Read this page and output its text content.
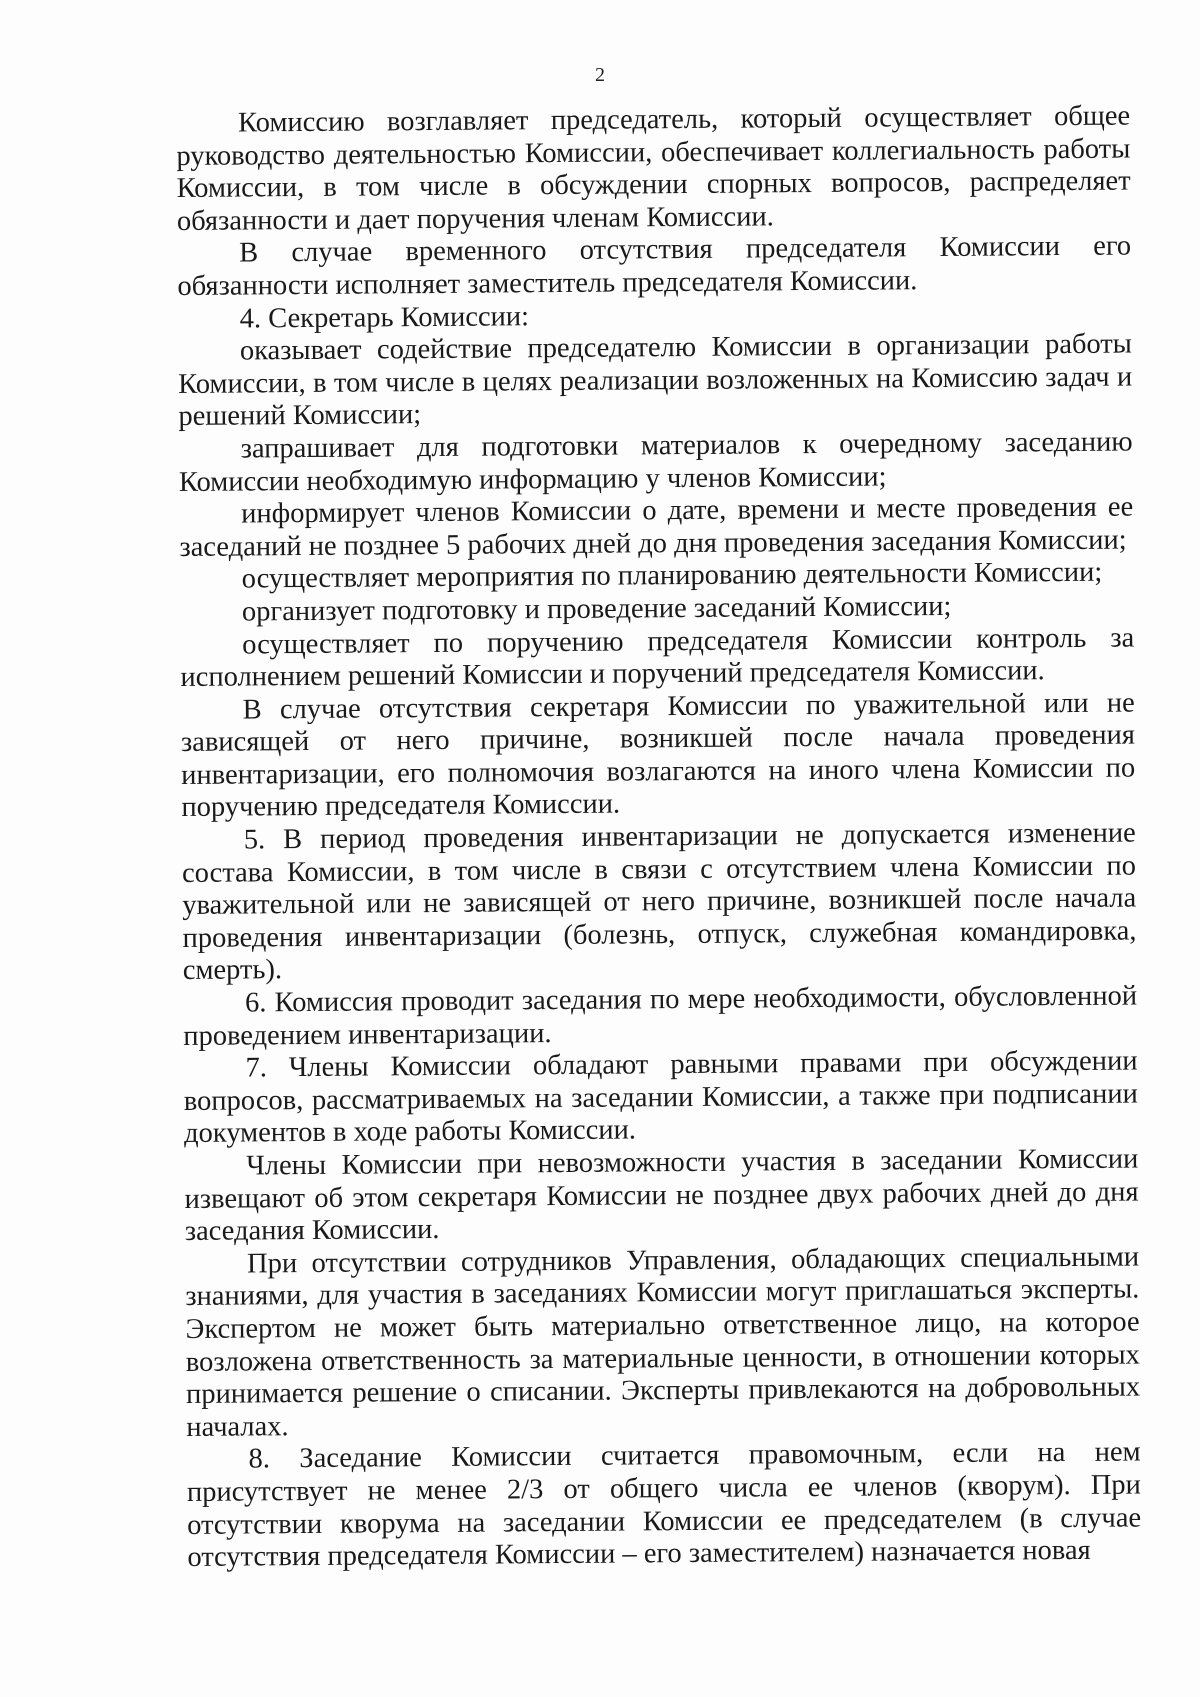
2

Комиссию возглавляет председатель, который осуществляет общее руководство деятельностью Комиссии, обеспечивает коллегиальность работы Комиссии, в том числе в обсуждении спорных вопросов, распределяет обязанности и дает поручения членам Комиссии.

В случае временного отсутствия председателя Комиссии его обязанности исполняет заместитель председателя Комиссии.

4. Секретарь Комиссии:

оказывает содействие председателю Комиссии в организации работы Комиссии, в том числе в целях реализации возложенных на Комиссию задач и решений Комиссии;

запрашивает для подготовки материалов к очередному заседанию Комиссии необходимую информацию у членов Комиссии;

информирует членов Комиссии о дате, времени и месте проведения ее заседаний не позднее 5 рабочих дней до дня проведения заседания Комиссии;

осуществляет мероприятия по планированию деятельности Комиссии;

организует подготовку и проведение заседаний Комиссии;

осуществляет по поручению председателя Комиссии контроль за исполнением решений Комиссии и поручений председателя Комиссии.

В случае отсутствия секретаря Комиссии по уважительной или не зависящей от него причине, возникшей после начала проведения инвентаризации, его полномочия возлагаются на иного члена Комиссии по поручению председателя Комиссии.

5. В период проведения инвентаризации не допускается изменение состава Комиссии, в том числе в связи с отсутствием члена Комиссии по уважительной или не зависящей от него причине, возникшей после начала проведения инвентаризации (болезнь, отпуск, служебная командировка, смерть).

6. Комиссия проводит заседания по мере необходимости, обусловленной проведением инвентаризации.

7. Члены Комиссии обладают равными правами при обсуждении вопросов, рассматриваемых на заседании Комиссии, а также при подписании документов в ходе работы Комиссии.

Члены Комиссии при невозможности участия в заседании Комиссии извещают об этом секретаря Комиссии не позднее двух рабочих дней до дня заседания Комиссии.

При отсутствии сотрудников Управления, обладающих специальными знаниями, для участия в заседаниях Комиссии могут приглашаться эксперты. Экспертом не может быть материально ответственное лицо, на которое возложена ответственность за материальные ценности, в отношении которых принимается решение о списании. Эксперты привлекаются на добровольных началах.

8. Заседание Комиссии считается правомочным, если на нем присутствует не менее 2/3 от общего числа ее членов (кворум). При отсутствии кворума на заседании Комиссии ее председателем (в случае отсутствия председателя Комиссии – его заместителем) назначается новая
